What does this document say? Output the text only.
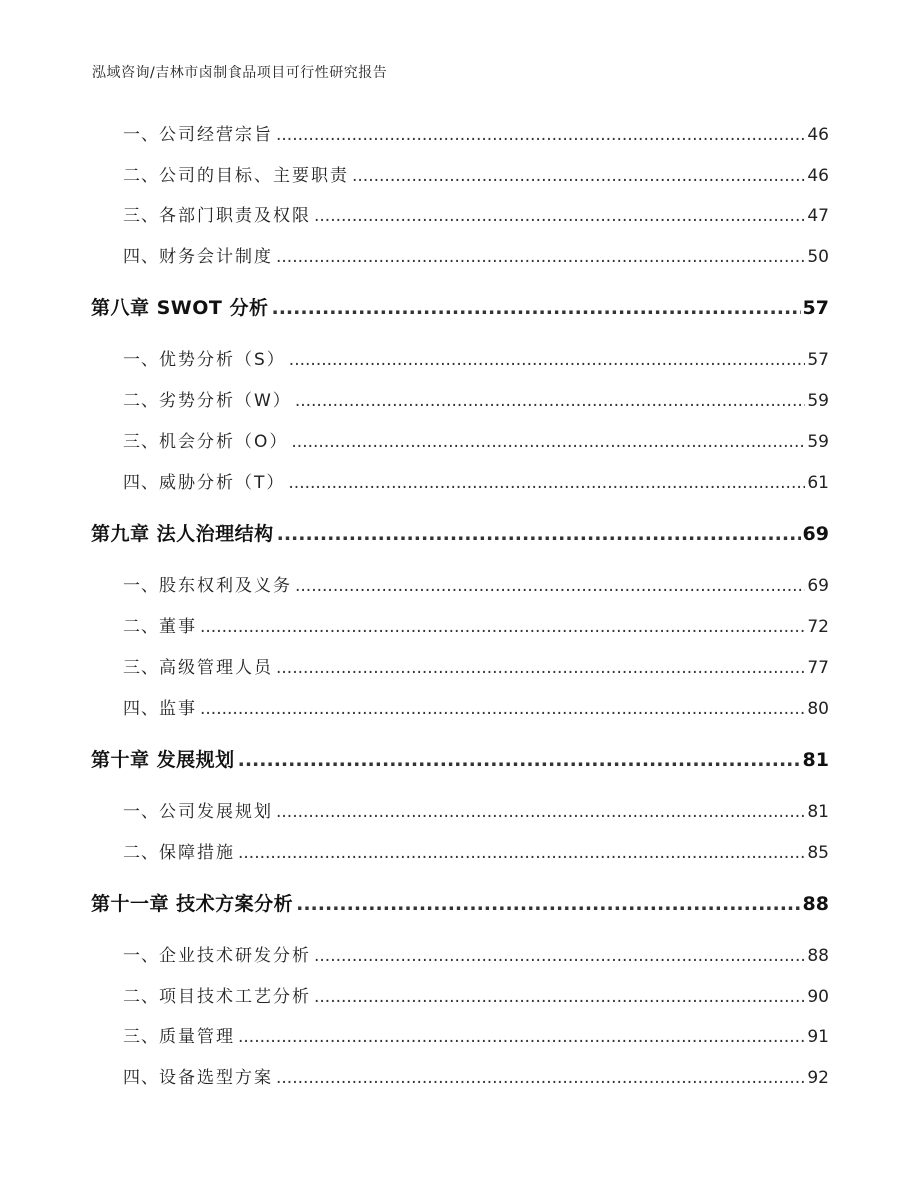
泓域咨询/吉林市卤制食品项目可行性研究报告
一、 公司经营宗旨 .....	46
二、 公司的目标、主要职责 .....	46
三、 各部门职责及权限 .....	47
四、 财务会计制度 .....	50
第八章 SWOT 分析 .....	57
一、 优势分析（S） .....	57
二、 劣势分析（W） .....	59
三、 机会分析（O） .....	59
四、 威胁分析（T） .....	61
第九章 法人治理结构 .....	69
一、 股东权利及义务 .....	69
二、 董事 .....	72
三、 高级管理人员 .....	77
四、 监事 .....	80
第十章 发展规划 .....	81
一、 公司发展规划 .....	81
二、 保障措施 .....	85
第十一章 技术方案分析 .....	88
一、 企业技术研发分析 .....	88
二、 项目技术工艺分析 .....	90
三、 质量管理 .....	91
四、 设备选型方案 .....	92
